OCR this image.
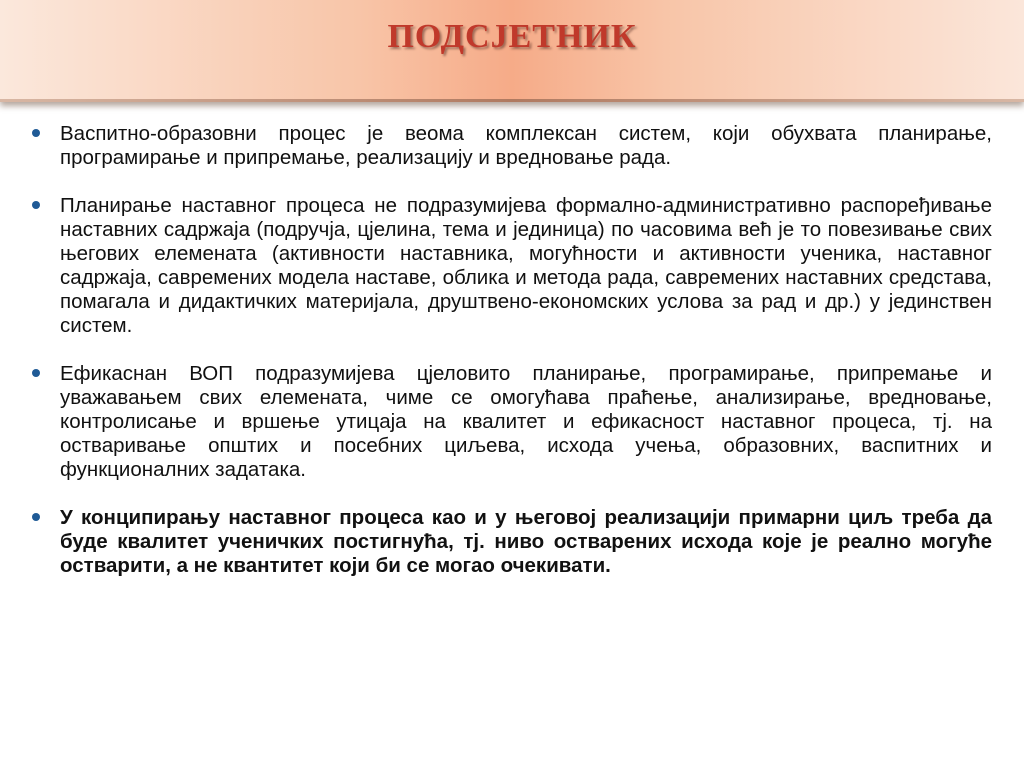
ПОДСЈЕТНИК
Васпитно-образовни процес је веома комплексан систем, који обухвата планирање, програмирање и припремање, реализацију и вредновање рада.
Планирање наставног процеса не подразумијева формално-административно распоређивање наставних садржаја (подручја, цјелина, тема и јединица) по часовима већ је то повезивање свих његових елемената (активности наставника, могућности и активности ученика, наставног садржаја, савремених модела наставе, облика и метода рада, савремених наставних средстава, помагала и дидактичких материјала, друштвено-економских услова за рад и др.) у јединствен систем.
Ефикаснан ВОП подразумијева цјеловито планирање, програмирање, припремање и уважавањем свих елемената, чиме се омогућава праћење, анализирање, вредновање, контролисање и вршење утицаја на квалитет и ефикасност наставног процеса, тј. на остваривање општих и посебних циљева, исхода учења, образовних, васпитних и функционалних задатака.
У конципирању наставног процеса као и у његовој реализацији примарни циљ треба да буде квалитет ученичких постигнућа, тј. ниво остварених исхода које је реално могуће остварити, а не квантитет који би се могао очекивати.
